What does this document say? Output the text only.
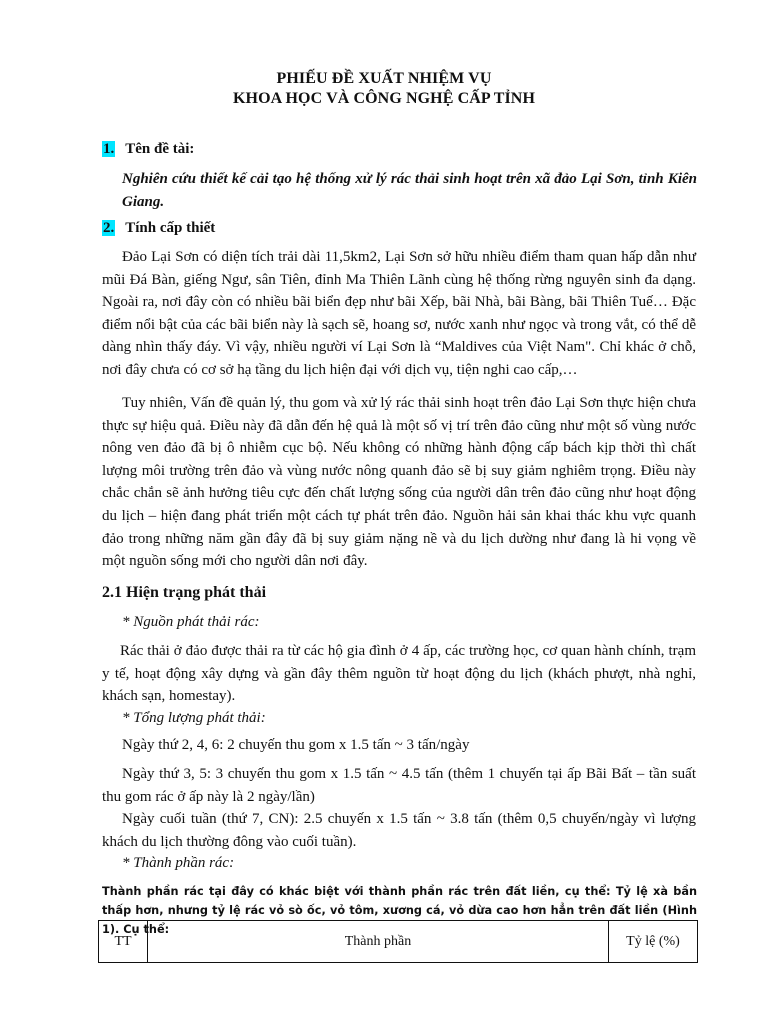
PHIẾU ĐỀ XUẤT NHIỆM VỤ
KHOA HỌC VÀ CÔNG NGHỆ CẤP TỈNH
1. Tên đề tài:
Nghiên cứu thiết kế cải tạo hệ thống xử lý rác thải sinh hoạt trên xã đảo Lại Sơn, tỉnh Kiên Giang.
2. Tính cấp thiết
Đảo Lại Sơn có diện tích trải dài 11,5km2, Lại Sơn sở hữu nhiều điểm tham quan hấp dẫn như mũi Đá Bàn, giếng Ngư, sân Tiên, đỉnh Ma Thiên Lãnh cùng hệ thống rừng nguyên sinh đa dạng. Ngoài ra, nơi đây còn có nhiều bãi biển đẹp như bãi Xếp, bãi Nhà, bãi Bàng, bãi Thiên Tuế… Đặc điểm nổi bật của các bãi biển này là sạch sẽ, hoang sơ, nước xanh như ngọc và trong vắt, có thể dễ dàng nhìn thấy đáy. Vì vậy, nhiều người ví Lại Sơn là “Maldives của Việt Nam". Chỉ khác ở chỗ, nơi đây chưa có cơ sở hạ tầng du lịch hiện đại với dịch vụ, tiện nghi cao cấp,…
Tuy nhiên, Vấn đề quản lý, thu gom và xử lý rác thải sinh hoạt trên đảo Lại Sơn thực hiện chưa thực sự hiệu quả. Điều này đã dẫn đến hệ quả là một số vị trí trên đảo cũng như một số vùng nước nông ven đảo đã bị ô nhiễm cục bộ. Nếu không có những hành động cấp bách kịp thời thì chất lượng môi trường trên đảo và vùng nước nông quanh đảo sẽ bị suy giảm nghiêm trọng. Điều này chắc chắn sẽ ảnh hưởng tiêu cực đến chất lượng sống của người dân trên đảo cũng như hoạt động du lịch – hiện đang phát triển một cách tự phát trên đảo. Nguồn hải sản khai thác khu vực quanh đảo trong những năm gần đây đã bị suy giảm nặng nề và du lịch dường như đang là hi vọng về một nguồn sống mới cho người dân nơi đây.
2.1 Hiện trạng phát thải
* Nguồn phát thải rác:
Rác thải ở đảo được thải ra từ các hộ gia đình ở 4 ấp, các trường học, cơ quan hành chính, trạm y tế, hoạt động xây dựng và gần đây thêm nguồn từ hoạt động du lịch (khách phượt, nhà nghỉ, khách sạn, homestay).
* Tổng lượng phát thải:
Ngày thứ 2, 4, 6: 2 chuyến thu gom x 1.5 tấn ~ 3 tấn/ngày
Ngày thứ 3, 5: 3 chuyến thu gom x 1.5 tấn ~ 4.5 tấn (thêm 1 chuyến tại ấp Bãi Bất – tần suất thu gom rác ở ấp này là 2 ngày/lần)
Ngày cuối tuần (thứ 7, CN): 2.5 chuyến x 1.5 tấn ~ 3.8 tấn (thêm 0,5 chuyến/ngày vì lượng khách du lịch thường đông vào cuối tuần).
* Thành phần rác:
Thành phần rác tại đây có khác biệt với thành phần rác trên đất liền, cụ thể: Tỷ lệ xà bần thấp hơn, nhưng tỷ lệ rác vỏ sò ốc, vỏ tôm, xương cá, vỏ dừa cao hơn hẳn trên đất liền (Hình 1). Cụ thể:
TT	Thành phần	Tỷ lệ (%)
